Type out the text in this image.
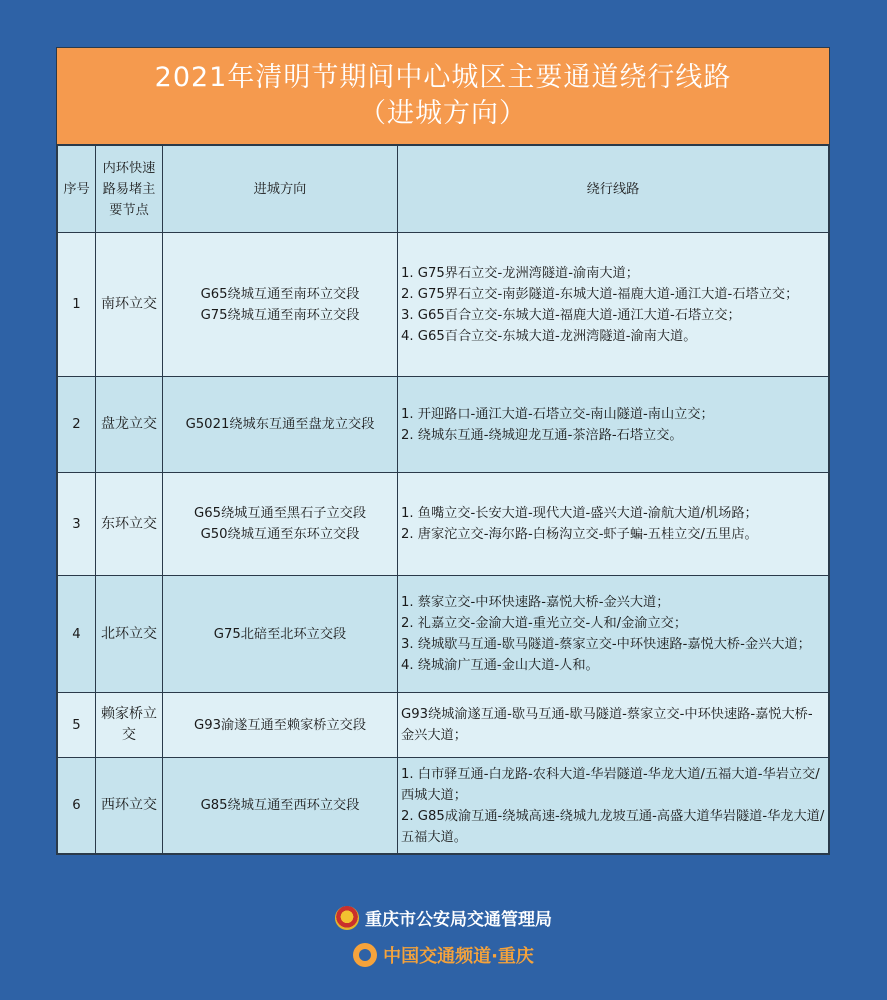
2021年清明节期间中心城区主要通道绕行线路
（进城方向）
序号	内环快速路易堵主要节点	进城方向	绕行线路
1	南环立交	G65绕城互通至南环立交段
G75绕城互通至南环立交段	1. G75界石立交-龙洲湾隧道-渝南大道；
2. G75界石立交-南彭隧道-东城大道-福鹿大道-通江大道-石塔立交；
3. G65百合立交-东城大道-福鹿大道-通江大道-石塔立交；
4. G65百合立交-东城大道-龙洲湾隧道-渝南大道。

2	盘龙立交	G5021绕城东互通至盘龙立交段	1. 开迎路口-通江大道-石塔立交-南山隧道-南山立交；
2. 绕城东互通-绕城迎龙互通-茶涪路-石塔立交。

3	东环立交	G65绕城互通至黑石子立交段
G50绕城互通至东环立交段	1. 鱼嘴立交-长安大道-现代大道-盛兴大道-渝航大道/机场路；
2. 唐家沱立交-海尔路-白杨沟立交-虾子蝙-五桂立交/五里店。

4	北环立交	G75北碚至北环立交段	1. 蔡家立交-中环快速路-嘉悦大桥-金兴大道；
2. 礼嘉立交-金渝大道-重光立交-人和/金渝立交；
3. 绕城歇马互通-歇马隧道-蔡家立交-中环快速路-嘉悦大桥-金兴大道；
4. 绕城渝广互通-金山大道-人和。

5	赖家桥立交	G93渝遂互通至赖家桥立交段	G93绕城渝遂互通-歇马互通-歇马隧道-蔡家立交-中环快速路-嘉悦大桥-金兴大道；

6	西环立交	G85绕城互通至西环立交段	1. 白市驿互通-白龙路-农科大道-华岩隧道-华龙大道/五福大道-华岩立交/西城大道；
2. G85成渝互通-绕城高速-绕城九龙坡互通-高盛大道华岩隧道-华龙大道/五福大道。
重庆市公安局交通管理局
中国交通频道·重庆
